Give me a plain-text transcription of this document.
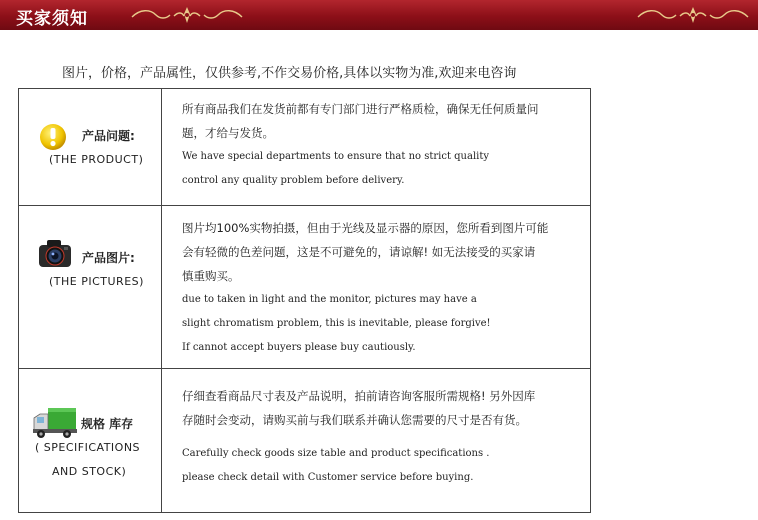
买家须知
图片，价格，产品属性，仅供参考,不作交易价格,具体以实物为准,欢迎来电咨询
产品问题:
(THE PRODUCT)
所有商品我们在发货前都有专门部门进行严格质检，确保无任何质量问
题，才给与发货。
We have special departments to ensure that no strict quality
control any quality problem before delivery.
产品图片:
(THE PICTURES)
图片均100%实物拍摄，但由于光线及显示器的原因，您所看到图片可能
会有轻微的色差问题，这是不可避免的，请谅解! 如无法接受的买家请
慎重购买。
due to taken in light and the monitor, pictures may have a
slight chromatism problem, this is inevitable, please forgive!
If cannot accept buyers please buy cautiously.
规格 库存
( SPECIFICATIONS
AND STOCK)
仔细查看商品尺寸表及产品说明，拍前请咨询客服所需规格! 另外因库
存随时会变动，请购买前与我们联系并确认您需要的尺寸是否有货。
Carefully check goods size table and product specifications .
please check detail with Customer service before buying.
